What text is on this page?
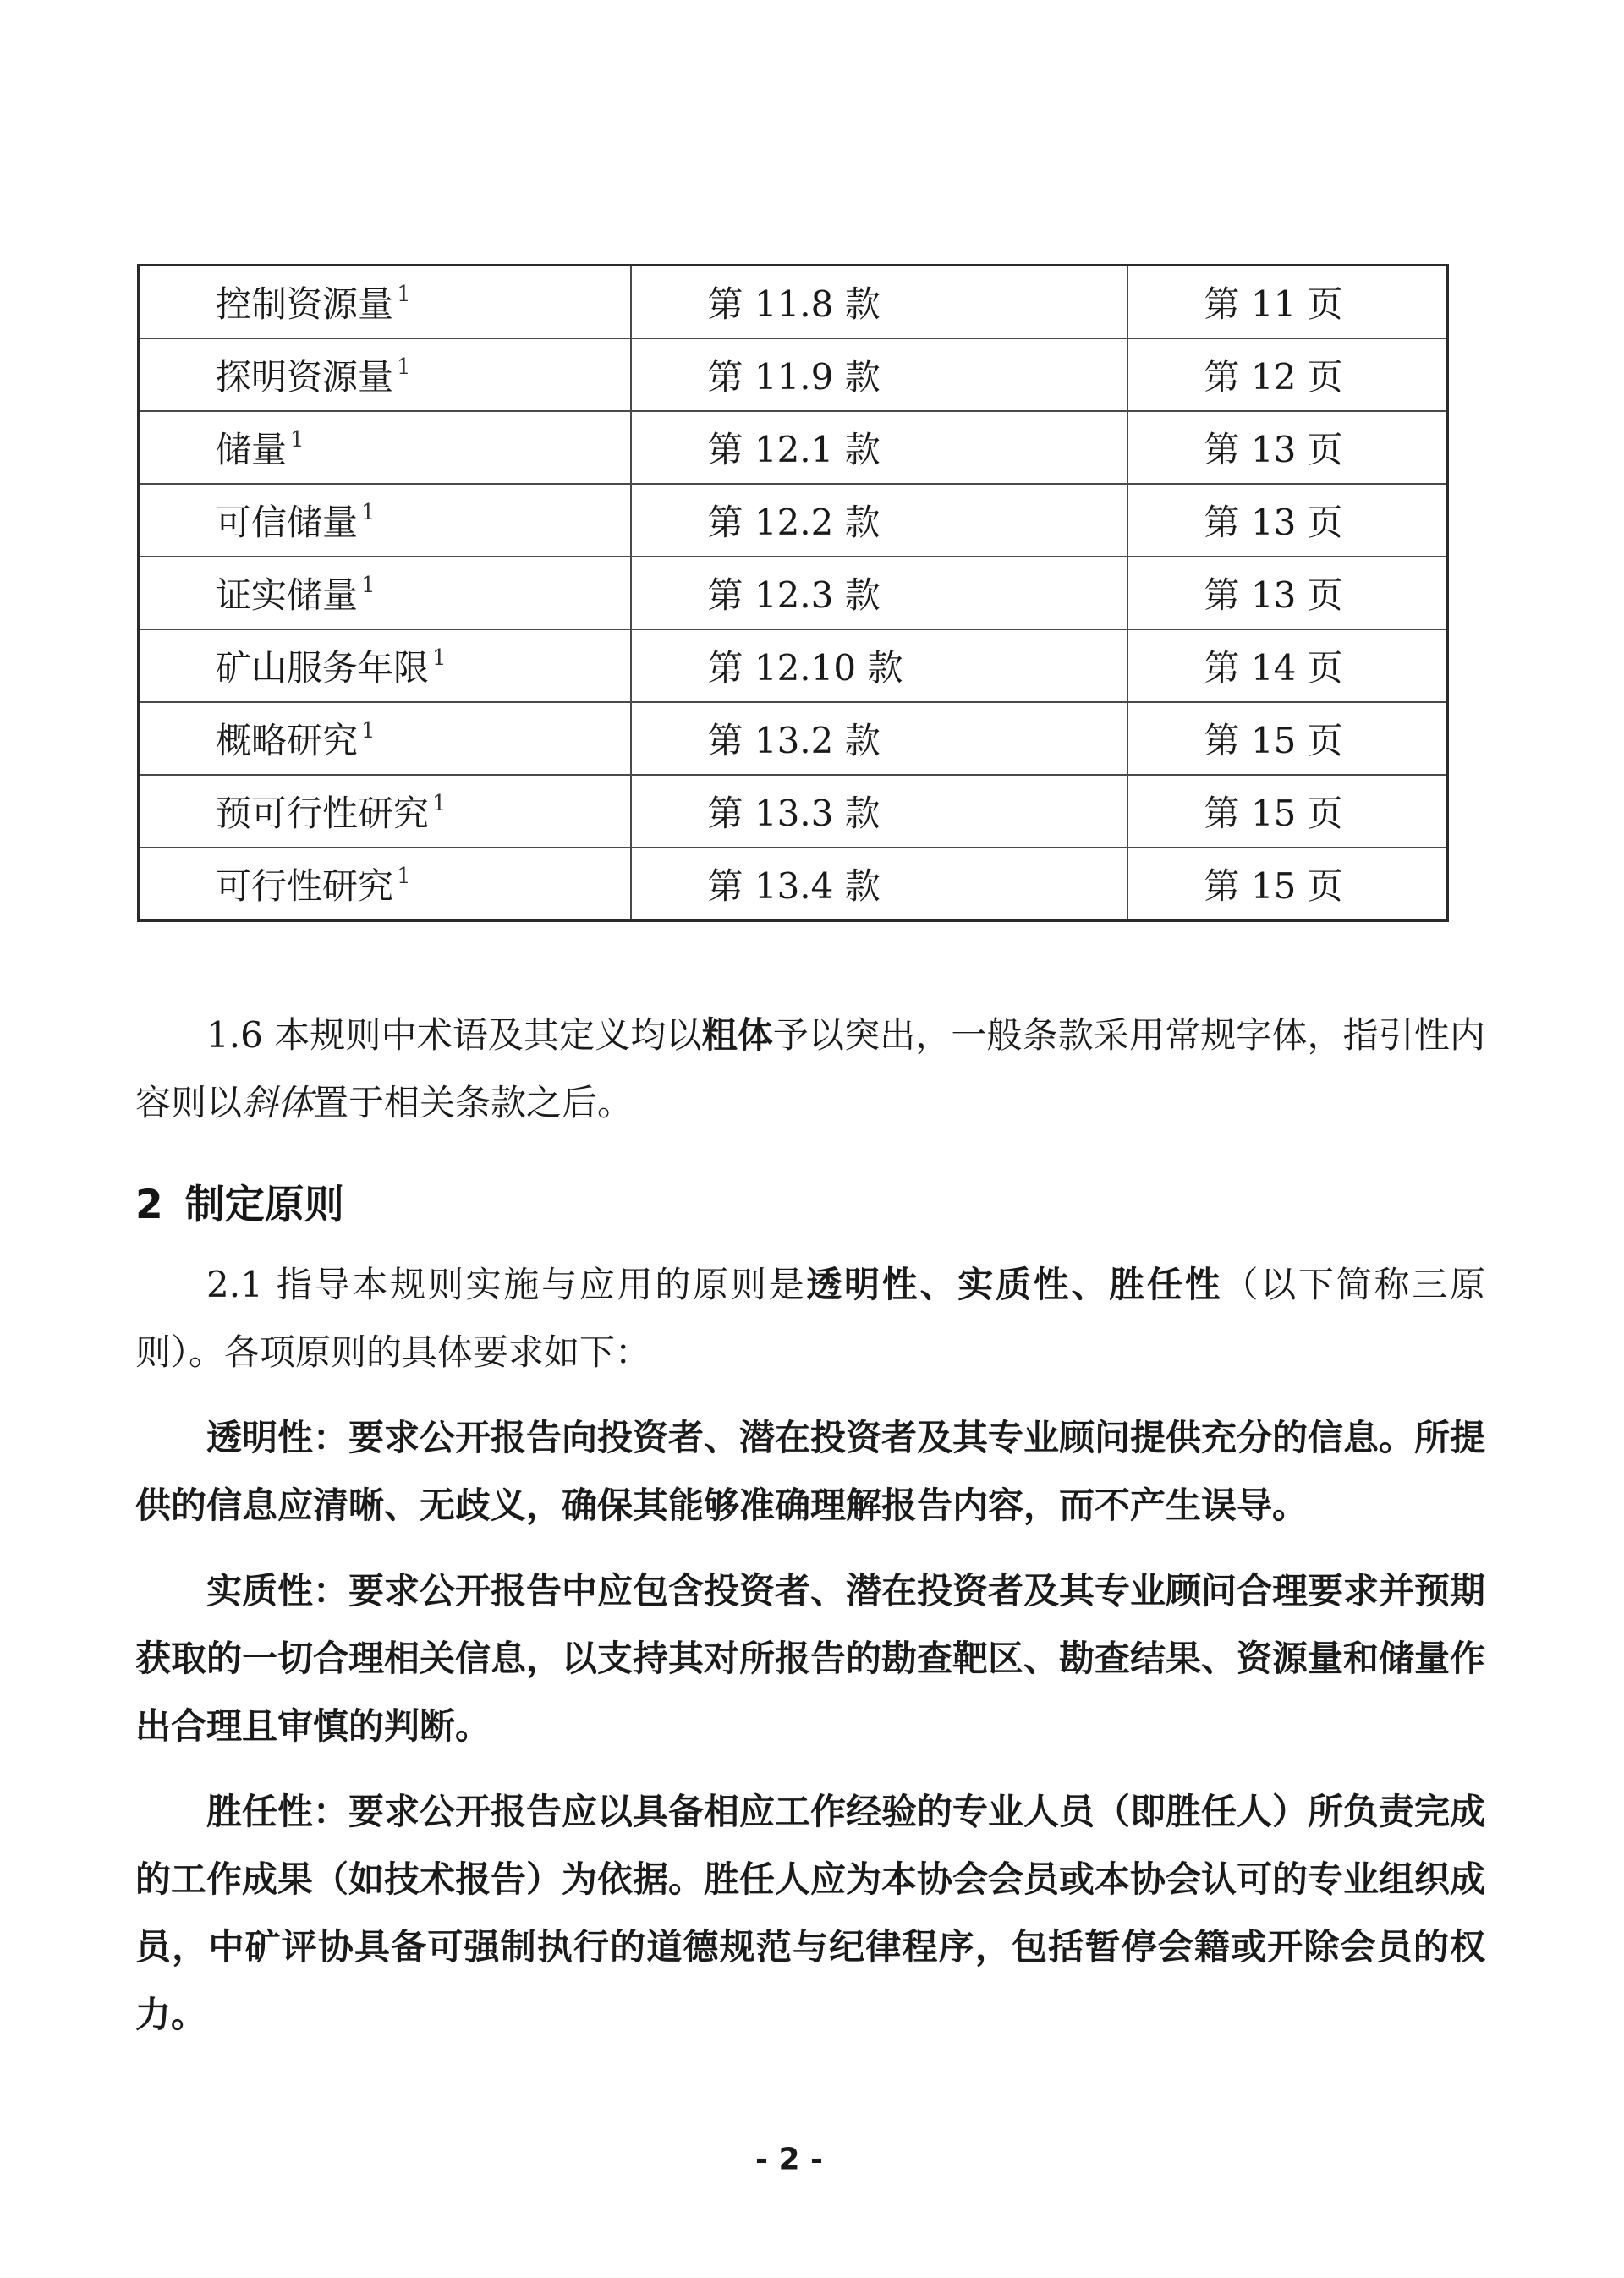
控制资源量 $^1$	第 11.8 款	第 11 页
探明资源量 $^1$	第 11.9 款	第 12 页
储量 $^1$	第 12.1 款	第 13 页
可信储量 $^1$	第 12.2 款	第 13 页
证实储量 $^1$	第 12.3 款	第 13 页
矿山服务年限 $^1$	第 12.10 款	第 14 页
概略研究 $^1$	第 13.2 款	第 15 页
预可行性研究 $^1$	第 13.3 款	第 15 页
可行性研究 $^1$	第 13.4 款	第 15 页

1.6 本规则中术语及其定义均以粗体予以突出，一般条款采用常规字体，指引性内容则以斜体置于相关条款之后。

2 制定原则

2.1 指导本规则实施与应用的原则是透明性、实质性、胜任性（以下简称三原则）。各项原则的具体要求如下：

透明性：要求公开报告向投资者、潜在投资者及其专业顾问提供充分的信息。所提供的信息应清晰、无歧义，确保其能够准确理解报告内容，而不产生误导。

实质性：要求公开报告中应包含投资者、潜在投资者及其专业顾问合理要求并预期获取的一切合理相关信息，以支持其对所报告的勘查靶区、勘查结果、资源量和储量作出合理且审慎的判断。

胜任性：要求公开报告应以具备相应工作经验的专业人员（即胜任人）所负责完成的工作成果（如技术报告）为依据。胜任人应为本协会会员或本协会认可的专业组织成员，中矿评协具备可强制执行的道德规范与纪律程序，包括暂停会籍或开除会员的权力。

- 2 -
